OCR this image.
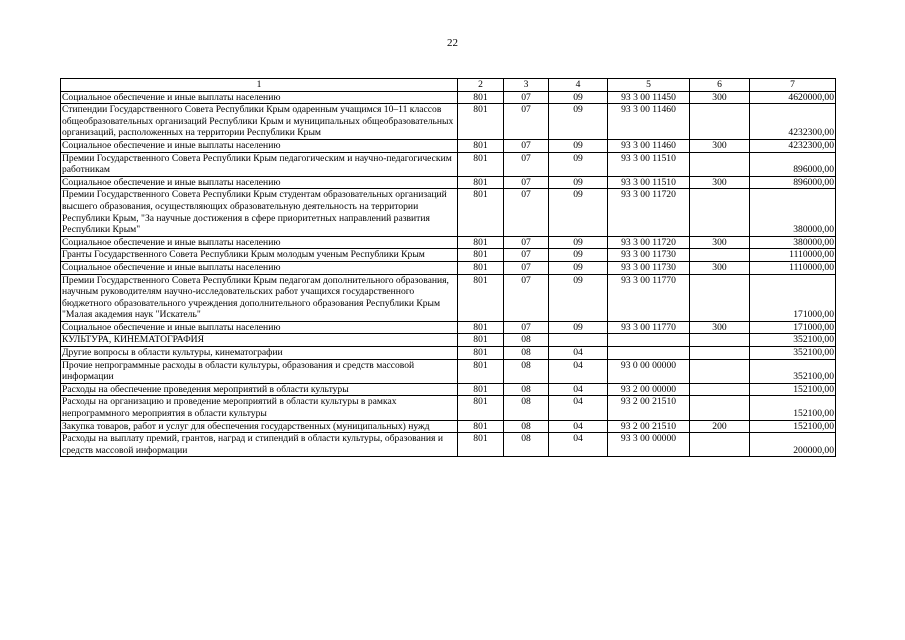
22
1	2	3	4	5	6	7
Социальное обеспечение и иные выплаты населению	801	07	09	93 3 00 11450	300	4620000,00
Стипендии Государственного Совета Республики Крым одаренным учащимся 10–11 классов общеобразовательных организаций Республики Крым и муниципальных общеобразовательных организаций, расположенных на территории Республики Крым	801	07	09	93 3 00 11460		4232300,00
Социальное обеспечение и иные выплаты населению	801	07	09	93 3 00 11460	300	4232300,00
Премии Государственного Совета Республики Крым педагогическим и научно-педагогическим работникам	801	07	09	93 3 00 11510		896000,00
Социальное обеспечение и иные выплаты населению	801	07	09	93 3 00 11510	300	896000,00
Премии Государственного Совета Республики Крым студентам образовательных организаций высшего образования, осуществляющих образовательную деятельность на территории Республики Крым, "За научные достижения в сфере приоритетных направлений развития Республики Крым"	801	07	09	93 3 00 11720		380000,00
Социальное обеспечение и иные выплаты населению	801	07	09	93 3 00 11720	300	380000,00
Гранты Государственного Совета Республики Крым молодым ученым Республики Крым	801	07	09	93 3 00 11730		1110000,00
Социальное обеспечение и иные выплаты населению	801	07	09	93 3 00 11730	300	1110000,00
Премии Государственного Совета Республики Крым педагогам дополнительного образования, научным руководителям научно-исследовательских работ учащихся государственного бюджетного образовательного учреждения дополнительного образования Республики Крым "Малая академия наук "Искатель"	801	07	09	93 3 00 11770		171000,00
Социальное обеспечение и иные выплаты населению	801	07	09	93 3 00 11770	300	171000,00
КУЛЬТУРА, КИНЕМАТОГРАФИЯ	801	08				352100,00
Другие вопросы в области культуры, кинематографии	801	08	04			352100,00
Прочие непрограммные расходы в области культуры, образования и средств массовой информации	801	08	04	93 0 00 00000		352100,00
Расходы на обеспечение проведения мероприятий в области культуры	801	08	04	93 2 00 00000		152100,00
Расходы на организацию и проведение мероприятий в области культуры в рамках непрограммного мероприятия в области культуры	801	08	04	93 2 00 21510		152100,00
Закупка товаров, работ и услуг для обеспечения государственных (муниципальных) нужд	801	08	04	93 2 00 21510	200	152100,00
Расходы на выплату премий, грантов, наград и стипендий в области культуры, образования и средств массовой информации	801	08	04	93 3 00 00000		200000,00
